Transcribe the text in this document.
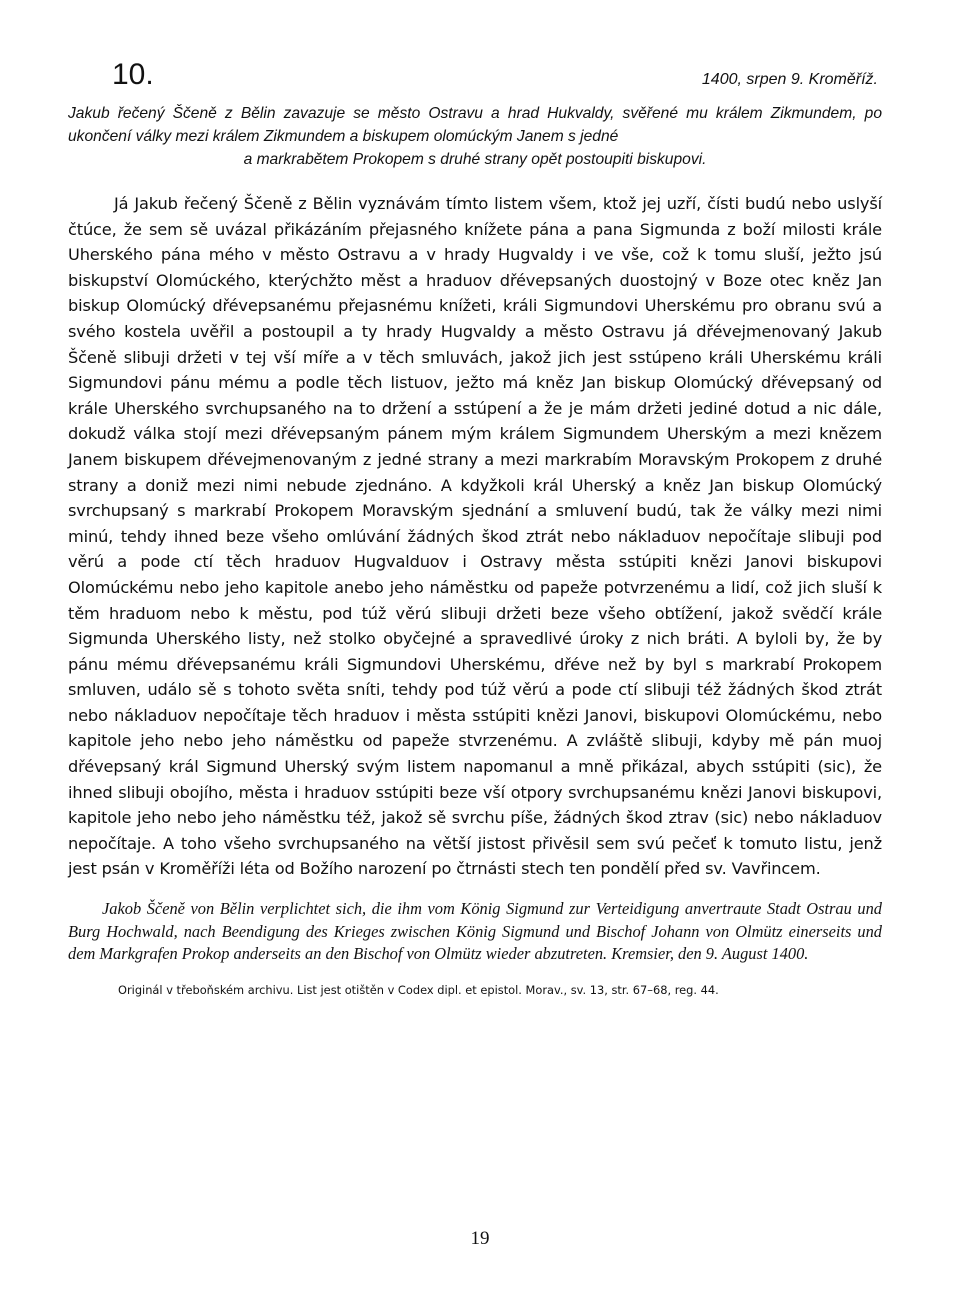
10.	1400, srpen 9. Kroměříž.
Jakub řečený Ščeně z Bělin zavazuje se město Ostravu a hrad Hukvaldy, svěřené mu králem Zikmundem, po ukončení války mezi králem Zikmundem a biskupem olomúckým Janem s jedné
a markrabětem Prokopem s druhé strany opět postoupiti biskupovi.

Já Jakub řečený Ščeně z Bělin vyznávám tímto listem všem, ktož jej uzří, čísti budú nebo uslyší čtúce, že sem sě uvázal přikázáním přejasného knížete pána a pana Sigmunda z boží milosti krále Uherského pána mého v město Ostravu a v hrady Hugvaldy i ve vše, což k tomu sluší, ježto jsú biskupství Olomúckého, kterýchžto měst a hraduov dřévepsaných duostojný v Boze otec kněz Jan biskup Olomúcký dřévepsanému přejasnému knížeti, králi Sigmundovi Uherskému pro obranu svú a svého kostela uvěřil a postoupil a ty hrady Hugvaldy a město Ostravu já dřévejmenovaný Jakub Ščeně slibuji držeti v tej vší míře a v těch smluvách, jakož jich jest sstúpeno králi Uherskému králi Sigmundovi pánu mému a podle těch listuov, ježto má kněz Jan biskup Olomúcký dřévepsaný od krále Uherského svrchupsaného na to držení a sstúpení a že je mám držeti jediné dotud a nic dále, dokudž válka stojí mezi dřévepsaným pánem mým králem Sigmundem Uherským a mezi knězem Janem biskupem dřévejmenovaným z jedné strany a mezi markrabím Moravským Prokopem z druhé strany a doniž mezi nimi nebude zjednáno. A kdyžkoli král Uherský a kněz Jan biskup Olomúcký svrchupsaný s markrabí Prokopem Moravským sjednání a smluvení budú, tak že války mezi nimi minú, tehdy ihned beze všeho omlúvání žádných škod ztrát nebo nákladuov nepočítaje slibuji pod věrú a pode ctí těch hraduov Hugvalduov i Ostravy města sstúpiti knězi Janovi biskupovi Olomúckému nebo jeho kapitole anebo jeho náměstku od papeže potvrzenému a lidí, což jich sluší k těm hraduom nebo k městu, pod túž věrú slibuji držeti beze všeho obtížení, jakož svědčí krále Sigmunda Uherského listy, než stolko obyčejné a spravedlivé úroky z nich bráti. A byloli by, že by pánu mému dřévepsanému králi Sigmundovi Uherskému, dřéve než by byl s markrabí Prokopem smluven, událo sě s tohoto světa sníti, tehdy pod túž věrú a pode ctí slibuji též žádných škod ztrát nebo nákladuov nepočítaje těch hraduov i města sstúpiti knězi Janovi, biskupovi Olomúckému, nebo kapitole jeho nebo jeho náměstku od papeže stvrzenému. A zvláště slibuji, kdyby mě pán muoj dřévepsaný král Sigmund Uherský svým listem napomanul a mně přikázal, abych sstúpiti (sic), že ihned slibuji obojího, města i hraduov sstúpiti beze vší otpory svrchupsanému knězi Janovi biskupovi, kapitole jeho nebo jeho náměstku též, jakož sě svrchu píše, žádných škod ztrav (sic) nebo nákladuov nepočítaje. A toho všeho svrchupsaného na větší jistost přivěsil sem svú pečeť k tomuto listu, jenž jest psán v Kroměříži léta od Božího narození po čtrnásti stech ten pondělí před sv. Vavřincem.

Jakob Ščeně von Bělin verplichtet sich, die ihm vom König Sigmund zur Verteidigung anvertraute Stadt Ostrau und Burg Hochwald, nach Beendigung des Krieges zwischen König Sigmund und Bischof Johann von Olmütz einerseits und dem Markgrafen Prokop anderseits an den Bischof von Olmütz wieder abzutreten. Kremsier, den 9. August 1400.

Originál v třeboňském archivu. List jest otištěn v Codex dipl. et epistol. Morav., sv. 13, str. 67–68, reg. 44.
19
